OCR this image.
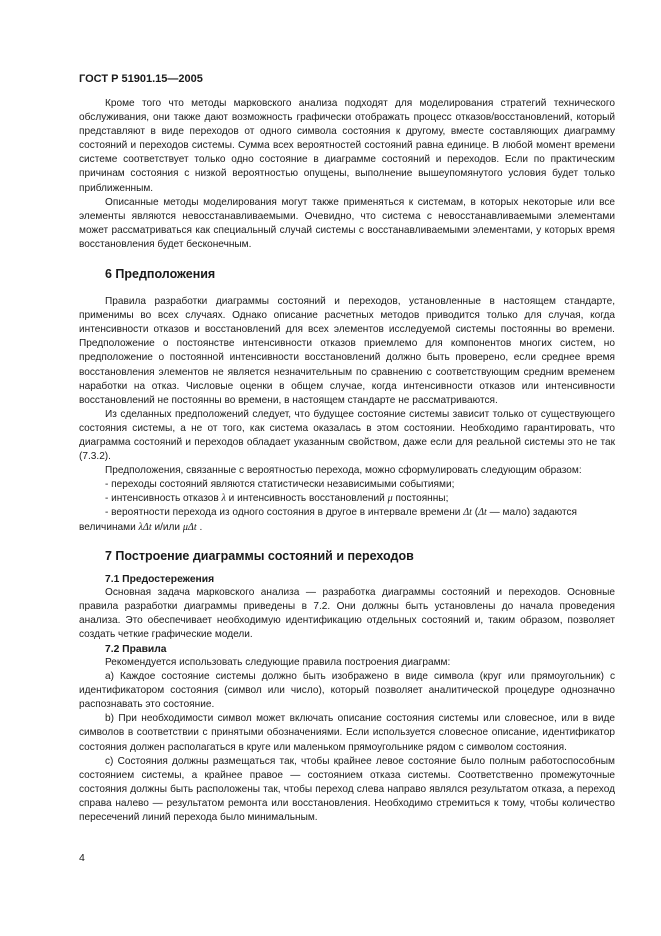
ГОСТ Р 51901.15—2005

Кроме того что методы марковского анализа подходят для моделирования стратегий технического обслуживания, они также дают возможность графически отображать процесс отказов/восстановлений, который представляют в виде переходов от одного символа состояния к другому, вместе составляющих диаграмму состояний и переходов системы. Сумма всех вероятностей состояний равна единице. В любой момент времени системе соответствует только одно состояние в диаграмме состояний и переходов. Если по практическим причинам состояния с низкой вероятностью опущены, выполнение вышеупомянутого условия будет только приближенным.

Описанные методы моделирования могут также применяться к системам, в которых некоторые или все элементы являются невосстанавливаемыми. Очевидно, что система с невосстанавливаемыми элементами может рассматриваться как специальный случай системы с восстанавливаемыми элементами, у которых время восстановления будет бесконечным.

6 Предположения

Правила разработки диаграммы состояний и переходов, установленные в настоящем стандарте, применимы во всех случаях. Однако описание расчетных методов приводится только для случая, когда интенсивности отказов и восстановлений для всех элементов исследуемой системы постоянны во времени. Предположение о постоянстве интенсивности отказов приемлемо для компонентов многих систем, но предположение о постоянной интенсивности восстановлений должно быть проверено, если среднее время восстановления элементов не является незначительным по сравнению с соответствующим средним временем наработки на отказ. Числовые оценки в общем случае, когда интенсивности отказов или интенсивности восстановлений не постоянны во времени, в настоящем стандарте не рассматриваются.

Из сделанных предположений следует, что будущее состояние системы зависит только от существующего состояния системы, а не от того, как система оказалась в этом состоянии. Необходимо гарантировать, что диаграмма состояний и переходов обладает указанным свойством, даже если для реальной системы это не так (7.3.2).

Предположения, связанные с вероятностью перехода, можно сформулировать следующим образом:

- переходы состояний являются статистически независимыми событиями;

- интенсивность отказов λ и интенсивность восстановлений μ постоянны;

- вероятности перехода из одного состояния в другое в интервале времени Δt (Δt — мало) задаются

величинами λΔt и/или μΔt .

7 Построение диаграммы состояний и переходов
7.1 Предостережения

Основная задача марковского анализа — разработка диаграммы состояний и переходов. Основные правила разработки диаграммы приведены в 7.2. Они должны быть установлены до начала проведения анализа. Это обеспечивает необходимую идентификацию отдельных состояний и, таким образом, позволяет создать четкие графические модели.

7.2 Правила

Рекомендуется использовать следующие правила построения диаграмм:

а) Каждое состояние системы должно быть изображено в виде символа (круг или прямоугольник) с идентификатором состояния (символ или число), который позволяет аналитической процедуре однозначно распознавать это состояние.

b) При необходимости символ может включать описание состояния системы или словесное, или в виде символов в соответствии с принятыми обозначениями. Если используется словесное описание, идентификатор состояния должен располагаться в круге или маленьком прямоугольнике рядом с символом состояния.

c) Состояния должны размещаться так, чтобы крайнее левое состояние было полным работоспособным состоянием системы, а крайнее правое — состоянием отказа системы. Соответственно промежуточные состояния должны быть расположены так, чтобы переход слева направо являлся результатом отказа, а переход справа налево — результатом ремонта или восстановления. Необходимо стремиться к тому, чтобы количество пересечений линий перехода было минимальным.

4
